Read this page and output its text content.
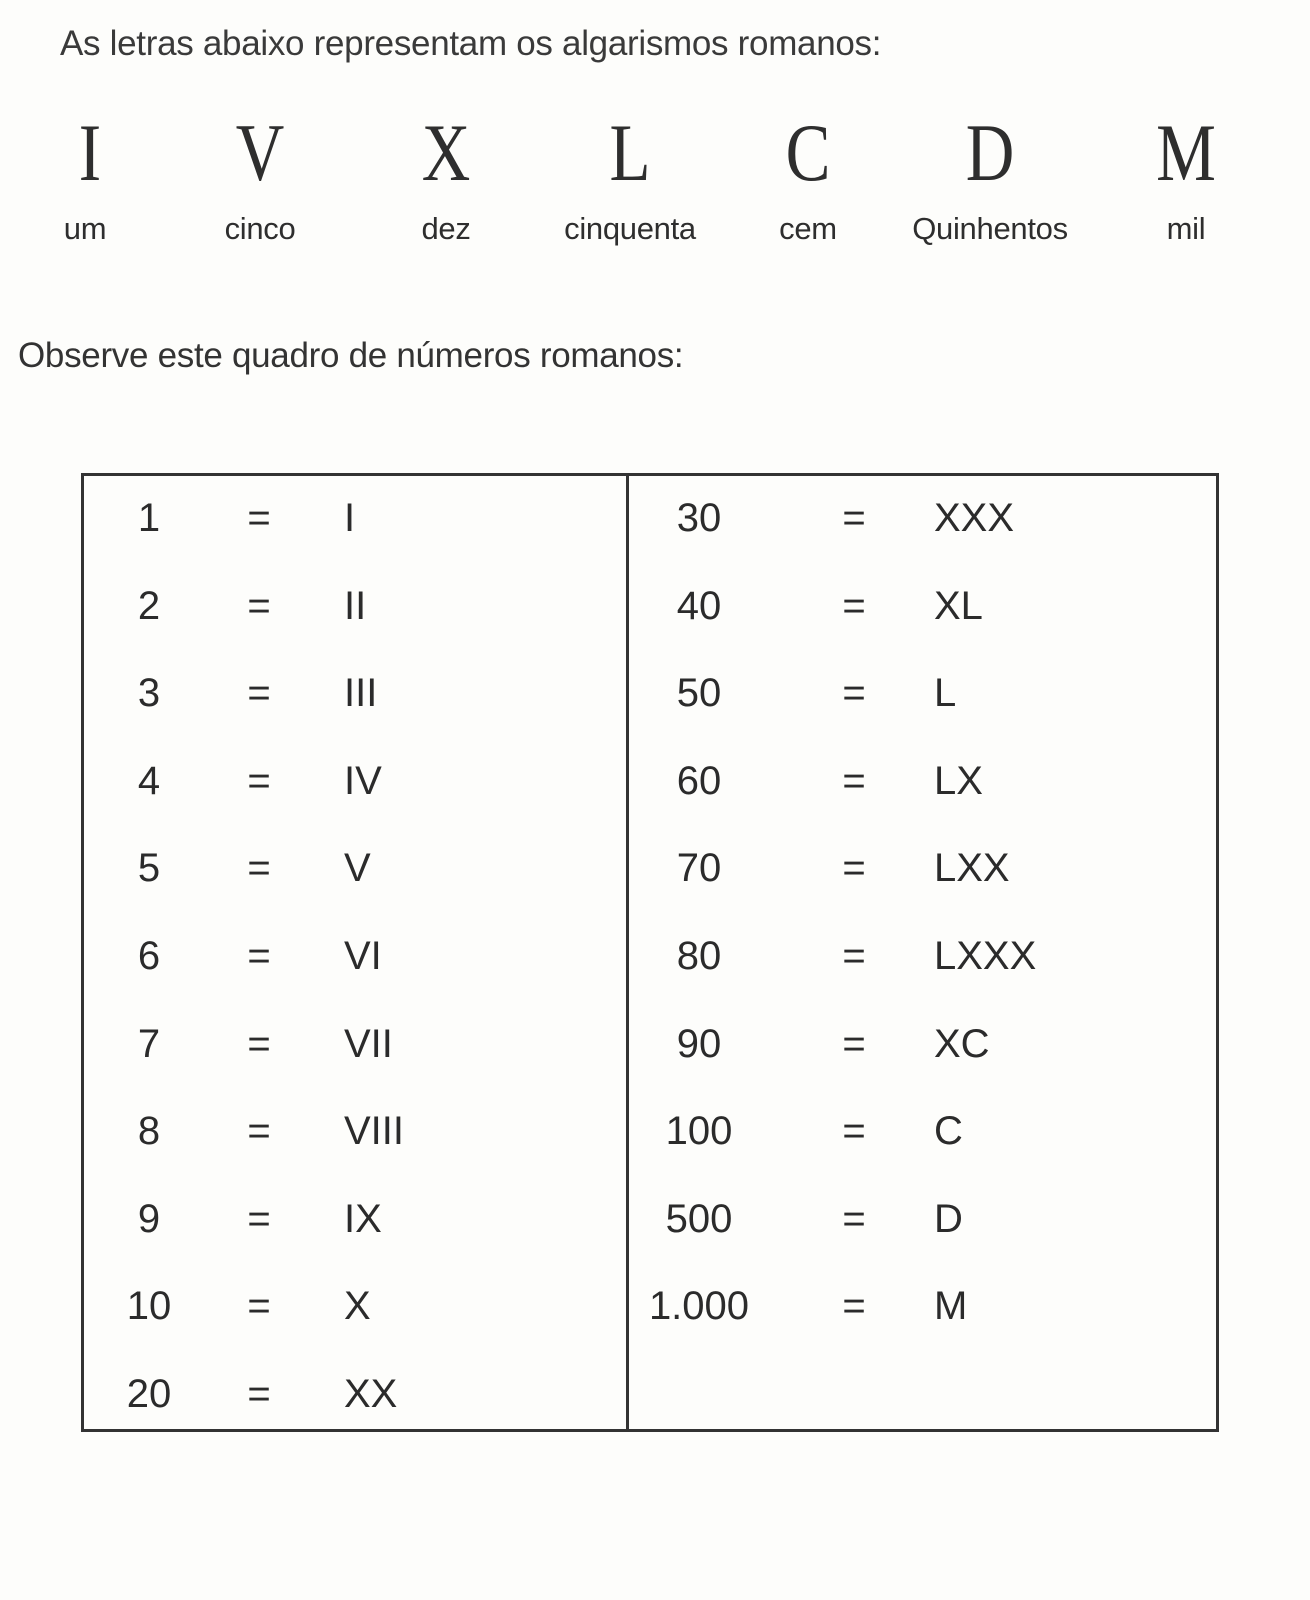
As letras abaixo representam os algarismos romanos:
I
um
V
cinco
X
dez
L
cinquenta
C
cem
D
Quinhentos
M
mil
Observe este quadro de números romanos:
1	=	I
2	=	II
3	=	III
4	=	IV
5	=	V
6	=	VI
7	=	VII
8	=	VIII
9	=	IX
10	=	X
20	=	XX
30	=	XXX
40	=	XL
50	=	L
60	=	LX
70	=	LXX
80	=	LXXX
90	=	XC
100	=	C
500	=	D
1.000	=	M
